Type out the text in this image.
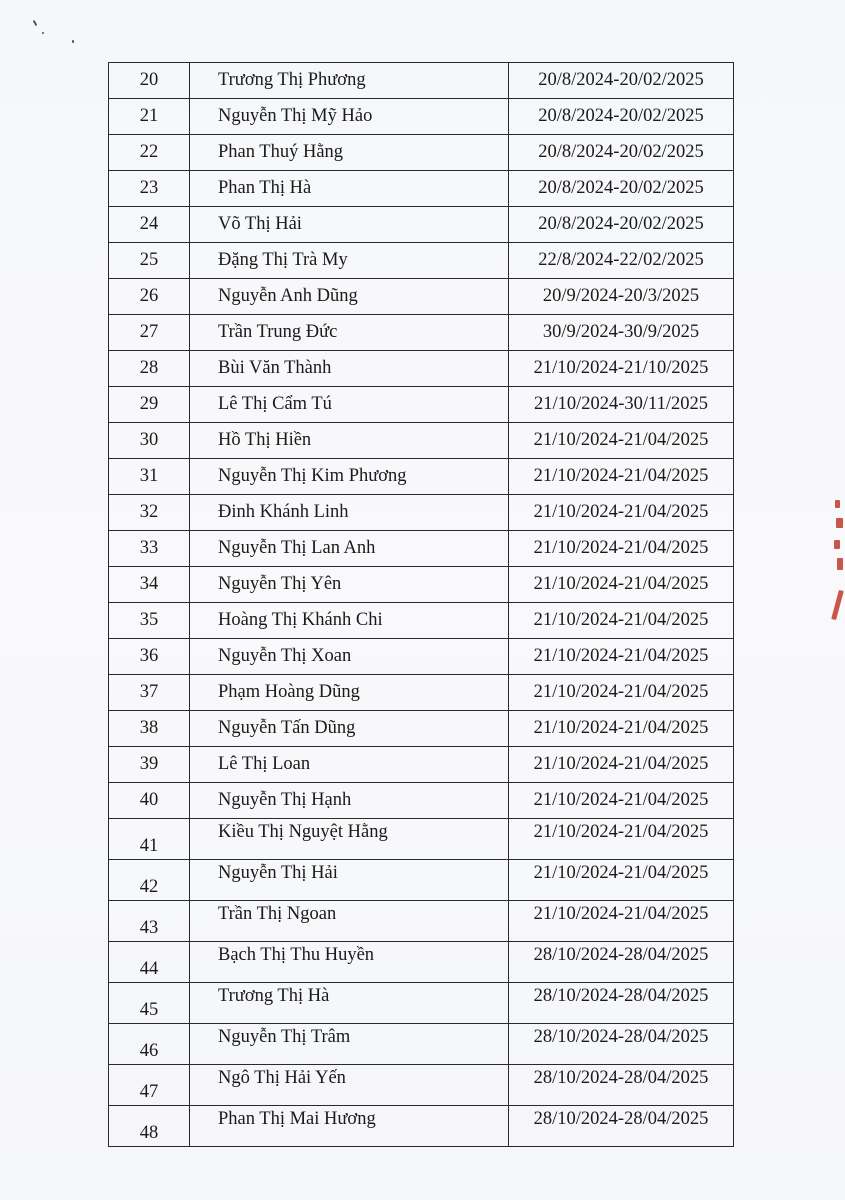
20	Trương Thị Phương	20/8/2024-20/02/2025
21	Nguyễn Thị Mỹ Hảo	20/8/2024-20/02/2025
22	Phan Thuý Hằng	20/8/2024-20/02/2025
23	Phan Thị Hà	20/8/2024-20/02/2025
24	Võ Thị Hải	20/8/2024-20/02/2025
25	Đặng Thị Trà My	22/8/2024-22/02/2025
26	Nguyễn Anh Dũng	20/9/2024-20/3/2025
27	Trần Trung Đức	30/9/2024-30/9/2025
28	Bùi Văn Thành	21/10/2024-21/10/2025
29	Lê Thị Cẩm Tú	21/10/2024-30/11/2025
30	Hồ Thị Hiền	21/10/2024-21/04/2025
31	Nguyễn Thị Kim Phương	21/10/2024-21/04/2025
32	Đinh Khánh Linh	21/10/2024-21/04/2025
33	Nguyễn Thị Lan Anh	21/10/2024-21/04/2025
34	Nguyễn Thị Yên	21/10/2024-21/04/2025
35	Hoàng Thị Khánh Chi	21/10/2024-21/04/2025
36	Nguyễn Thị Xoan	21/10/2024-21/04/2025
37	Phạm Hoàng Dũng	21/10/2024-21/04/2025
38	Nguyễn Tấn Dũng	21/10/2024-21/04/2025
39	Lê Thị Loan	21/10/2024-21/04/2025
40	Nguyễn Thị Hạnh	21/10/2024-21/04/2025
41	Kiều Thị Nguyệt Hằng	21/10/2024-21/04/2025
42	Nguyễn Thị Hải	21/10/2024-21/04/2025
43	Trần Thị Ngoan	21/10/2024-21/04/2025
44	Bạch Thị Thu Huyền	28/10/2024-28/04/2025
45	Trương Thị Hà	28/10/2024-28/04/2025
46	Nguyễn Thị Trâm	28/10/2024-28/04/2025
47	Ngô Thị Hải Yến	28/10/2024-28/04/2025
48	Phan Thị Mai Hương	28/10/2024-28/04/2025
